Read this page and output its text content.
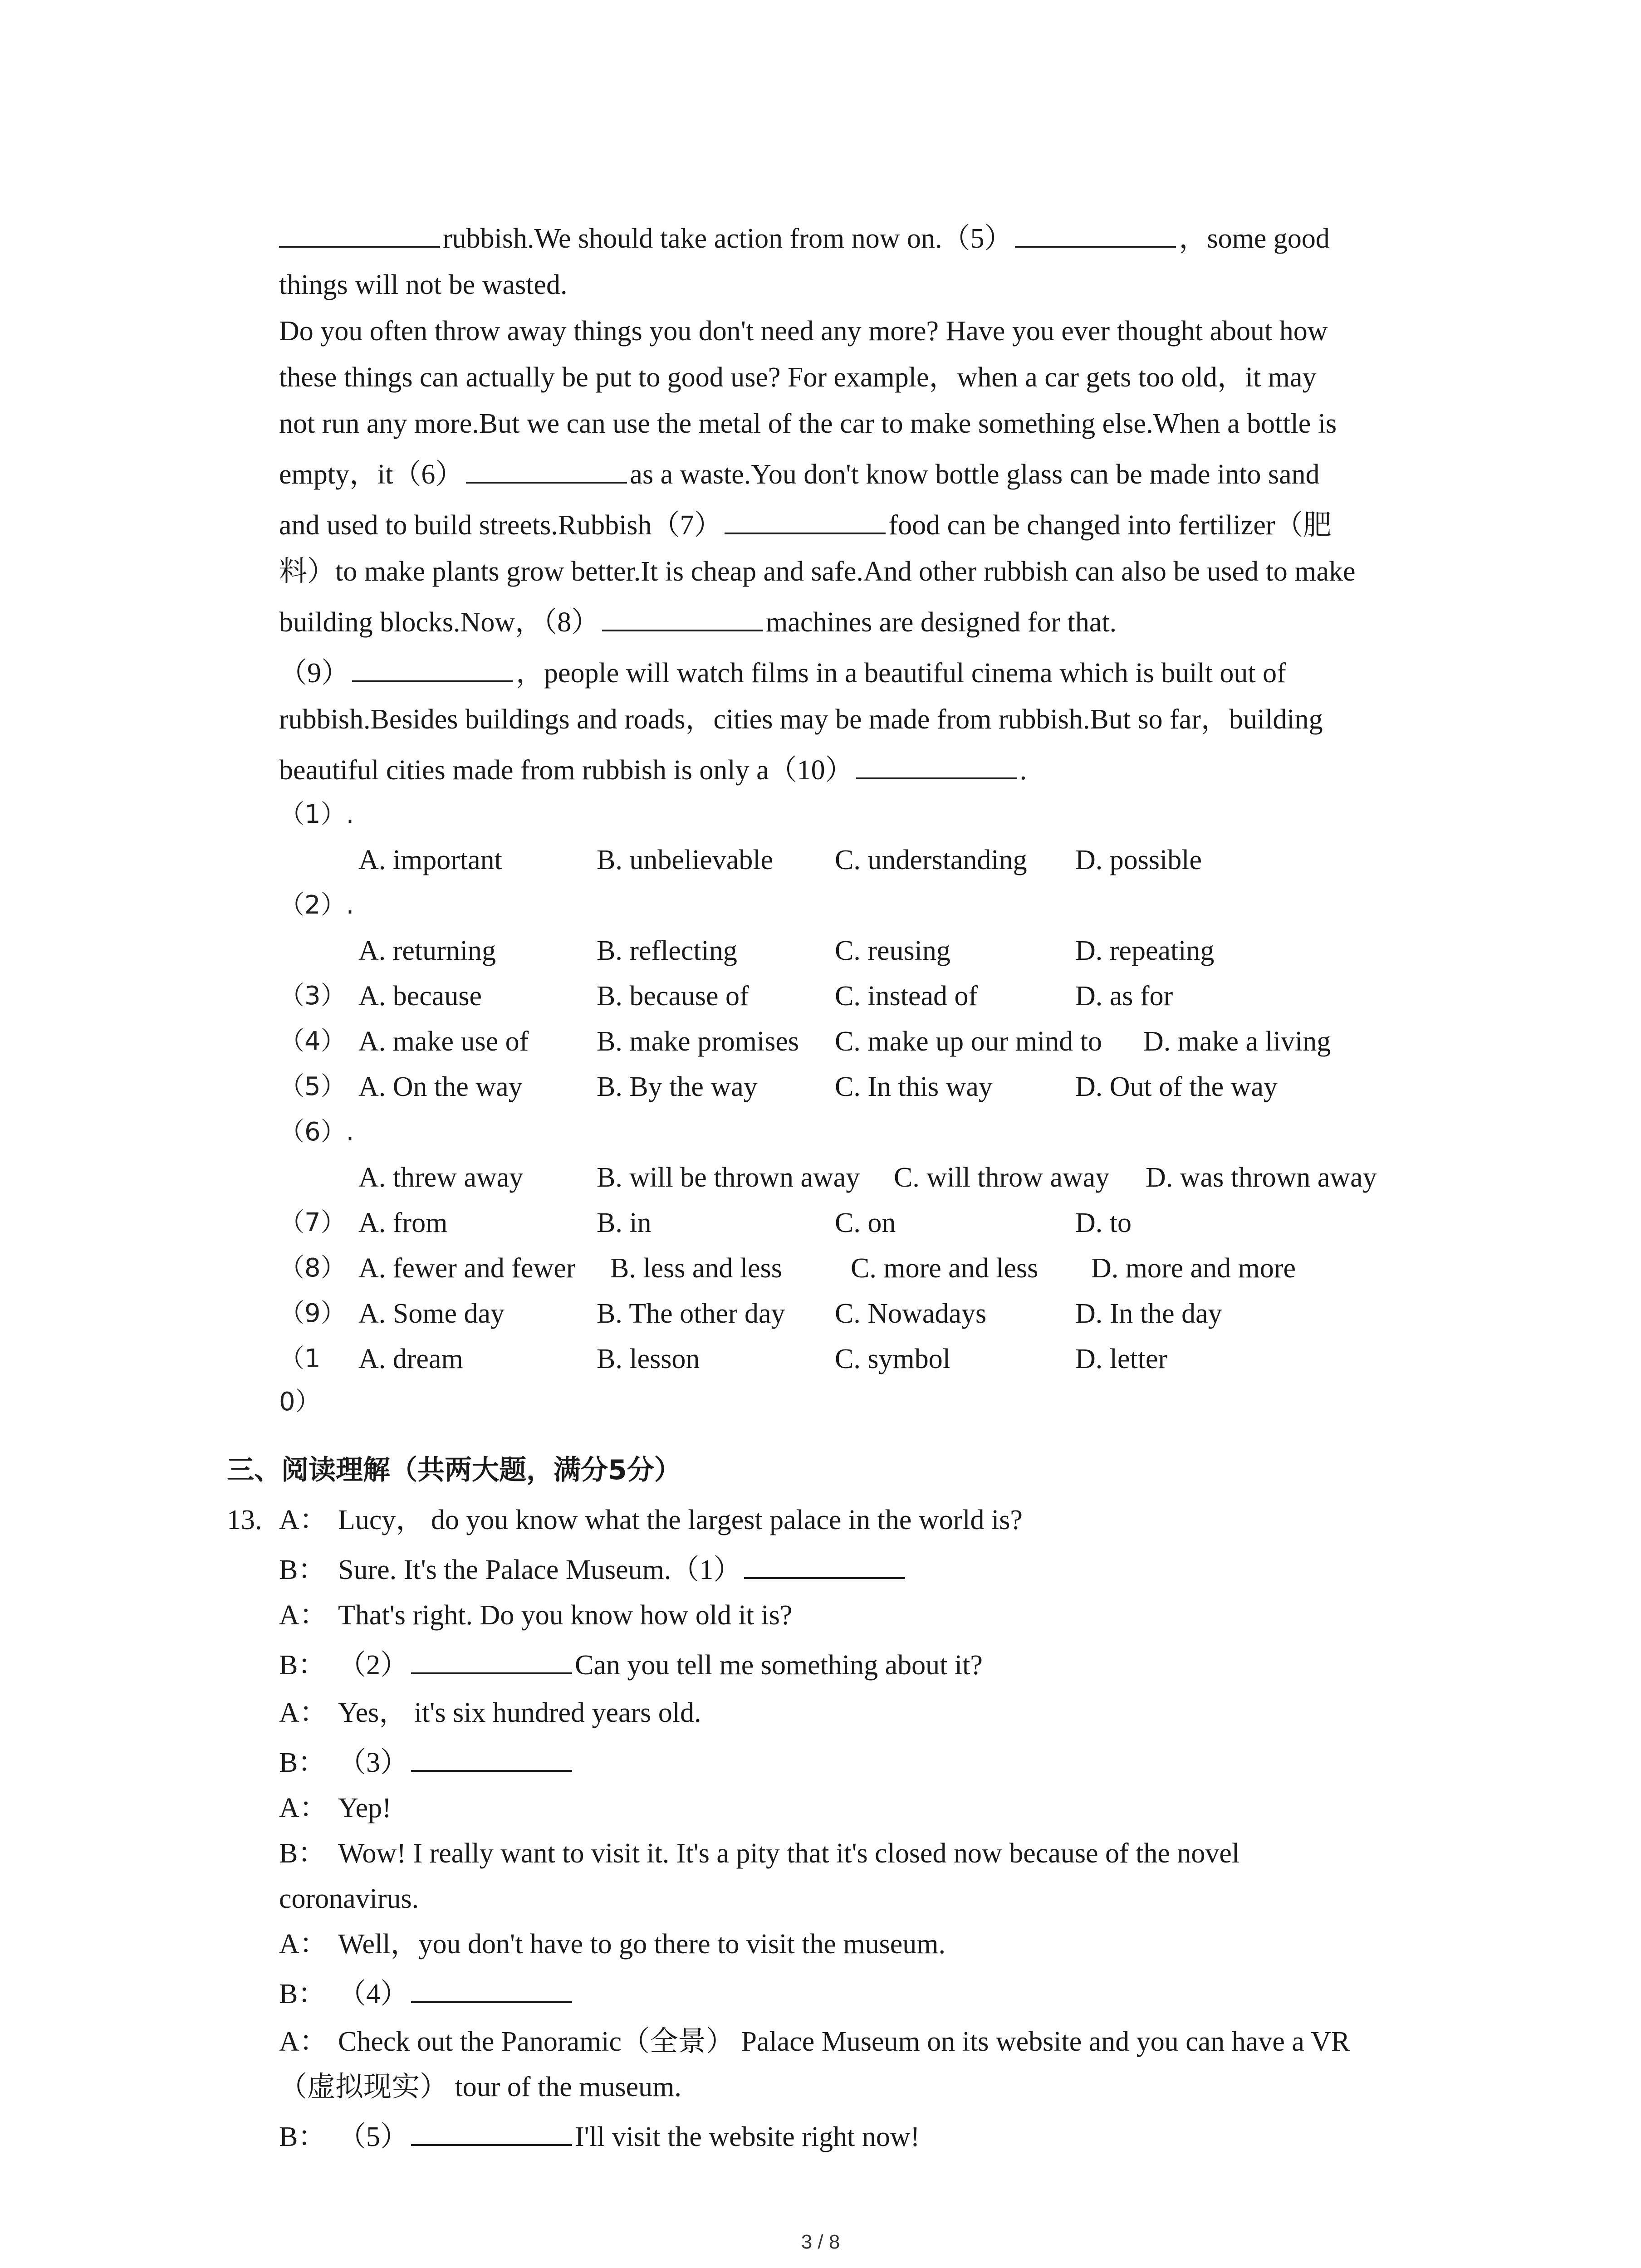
rubbish.We should take action from now on.（5）	，some good
things will not be wasted.
Do you often throw away things you don't need any more? Have you ever thought about how
these things can actually be put to good use? For example，when a car gets too old，it may
not run any more.But we can use the metal of the car to make something else.When a bottle is
empty，it（6）	as a waste.You don't know bottle glass can be made into sand
and used to build streets.Rubbish（7）	food can be changed into fertilizer（肥
料）to make plants grow better.It is cheap and safe.And other rubbish can also be used to make
building blocks.Now，（8）	machines are designed for that.
（9）	，people will watch films in a beautiful cinema which is built out of
rubbish.Besides buildings and roads，cities may be made from rubbish.But so far，building
beautiful cities made from rubbish is only a（10）	.
（1）.
A. important	B. unbelievable C. understanding D. possible
（2）.
A. returning	B. reflecting	C. reusing	D. repeating
（3） A. because	B. because of	C. instead of	D. as for
（4） A. make use of B. make promises C. make up our mind to D. make a living
（5） A. On the way	B. By the way	C. In this way	D. Out of the way
（6）.
A. threw away	B. will be thrown away C. will throw away D. was thrown away
（7） A. from	B. in	C. on	D. to
（8） A. fewer and fewer B. less and less C. more and less D. more and more
（9） A. Some day	B. The other day C. Nowadays	D. In the day
（1 A. dream	B. lesson	C. symbol	D. letter
0）
三、阅读理解（共两大题，满分5分）
13. A： Lucy， do you know what the largest palace in the world is?
B： Sure. It's the Palace Museum.（1）
A： That's right. Do you know how old it is?
B： （2）	Can you tell me something about it?
A： Yes， it's six hundred years old.
B： （3）
A： Yep!
B： Wow! I really want to visit it. It's a pity that it's closed now because of the novel
coronavirus.
A： Well，you don't have to go there to visit the museum.
B： （4）
A： Check out the Panoramic（全景） Palace Museum on its website and you can have a VR
（虚拟现实） tour of the museum.
B： （5）	I'll visit the website right now!
3 / 8
